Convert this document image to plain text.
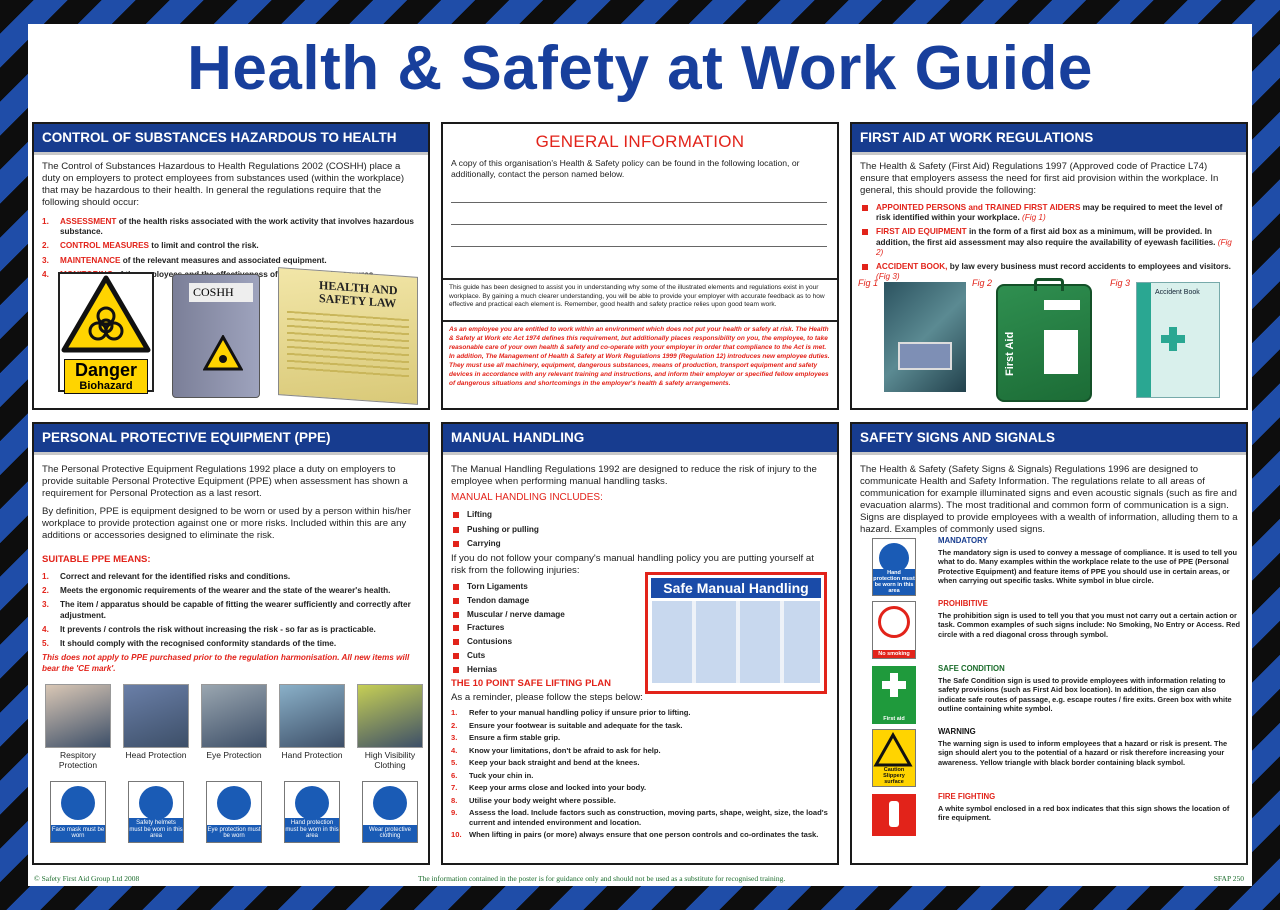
Health & Safety at Work Guide
CONTROL OF SUBSTANCES HAZARDOUS TO HEALTH
The Control of Substances Hazardous to Health Regulations 2002 (COSHH) place a duty on employers to protect employees from substances used (within the workplace) that may be hazardous to their health. In general the regulations require that the following should occur:
ASSESSMENT of the health risks associated with the work activity that involves hazardous substance.
CONTROL MEASURES to limit and control the risk.
MAINTENANCE of the relevant measures and associated equipment.
employees of
Danger
Biohazard
COSHH	HEALTH AND SAFETY LAW
GENERAL INFORMATION
A copy of this organisation's Health & Safety policy can be found in the following location, or additionally, contact the person named below.
This guide has been designed to assist you in understanding why some of the illustrated elements and regulations exist in your workplace. By gaining a much clearer understanding, you will be able to provide your employer with accurate feedback as to how effective and practical each element is. Remember, good health and safety practice relies upon good team work.
As an employee you are entitled to work within an environment which does not put your health or safety at risk. The Health & Safety at Work etc Act 1974 defines this requirement, but additionally places responsibility on you, the employee, to take reasonable care of your own health & safety and co-operate with your employer in order that compliance to the Act is met. In addition, The Management of Health & Safety at Work Regulations 1999 (Regulation 12) introduces new employee duties. They must use all machinery, equipment, dangerous substances, means of production, transport equipment and safety devices in accordance with any relevant training and instructions, and inform their employer or specified fellow employees of dangerous situations and shortcomings in the employer's health & safety arrangements.
FIRST AID AT WORK REGULATIONS
The Health & Safety (First Aid) Regulations 1997 (Approved code of Practice L74) ensure that employers assess the need for first aid provision within the workplace. In general, this should provide the following:
APPOINTED PERSONS and TRAINED FIRST AIDERS may be required to meet the level of risk identified within your workplace. (Fig 1)
FIRST AID EQUIPMENT in the form of a first aid box as a minimum, will be provided. In addition, the first aid assessment may also require the availability of eyewash facilities. (Fig 2)
ACCIDENT BOOK, by law every business must record accidents to employees and visitors. (Fig 3)
Fig 1	Fig 2	Fig 3
First Aid
Accident Book
PERSONAL PROTECTIVE EQUIPMENT (PPE)
The Personal Protective Equipment Regulations 1992 place a duty on employers to provide suitable Personal Protective Equipment (PPE) when assessment has shown a requirement for Personal Protection as a last resort.
By definition, PPE is equipment designed to be worn or used by a person within his/her workplace to provide protection against one or more risks. Included within this are any additions or accessories designed to eliminate the risk.
SUITABLE PPE MEANS:
Correct and relevant for the identified risks and conditions.
Meets the ergonomic requirements of the wearer and the state of the wearer's health.
The item / apparatus should be capable of fitting the wearer sufficiently and correctly after adjustment.
It prevents / controls the risk without increasing the risk - so far as is practicable.
It should comply with the recognised conformity standards of the time.
This does not apply to PPE purchased prior to the regulation harmonisation. All new items will bear the 'CE mark'.
Respitory Protection
Face mask must be worn
Head Protection
Safety helmets must be worn in this area
Eye Protection
Eye protection must be worn
Hand Protection
Hand protection must be worn in this area
High Visibility Clothing
Wear protective clothing
MANUAL HANDLING
The Manual Handling Regulations 1992 are designed to reduce the risk of injury to the employee when performing manual handling tasks.
MANUAL HANDLING INCLUDES:
Lifting
Pushing or pulling
Carrying
If you do not follow your company's manual handling policy you are putting yourself at risk from the following injuries:
Torn Ligaments
Tendon damage
Muscular / nerve damage
Fractures
Contusions
Cuts
Hernias
THE 10 POINT SAFE LIFTING PLAN
As a reminder, please follow the steps below:
Refer to your manual handling policy if unsure prior to lifting.
Ensure your footwear is suitable and adequate for the task.
Ensure a firm stable grip.
Know your limitations, don't be afraid to ask for help.
Keep your back straight and bend at the knees.
Tuck your chin in.
Keep your arms close and locked into your body.
Utilise your body weight where possible.
Assess the load. Include factors such as construction, moving parts, shape, weight, size, the load's current and intended environment and location.
When lifting in pairs (or more) always ensure that one person controls and co-ordinates the task.
Safe Manual Handling
SAFETY SIGNS AND SIGNALS
The Health & Safety (Safety Signs & Signals) Regulations 1996 are designed to communicate Health and Safety Information. The regulations relate to all areas of communication for example illuminated signs and even acoustic signals (such as fire and evacuation alarms). The most traditional and common form of communication is a sign. Signs are displayed to provide employees with a wealth of information, alluding them to a hazard. Examples of commonly used signs.
Hand protection must be worn in this area
MANDATORY
The mandatory sign is used to convey a message of compliance. It is used to tell you what to do. Many examples within the workplace relate to the use of PPE (Personal Protective Equipment) and feature items of PPE you should use in certain areas, or when carrying out specific tasks. White symbol in blue circle.
No smoking
PROHIBITIVE
The prohibition sign is used to tell you that you must not carry out a certain action or task. Common examples of such signs include: No Smoking, No Entry or Access. Red circle with a red diagonal cross through symbol.
First aid
SAFE CONDITION
The Safe Condition sign is used to provide employees with information relating to safety provisions (such as First Aid box location). In addition, the sign can also indicate safe routes of passage, e.g. escape routes / fire exits. Green box with white outline containing white symbol.
Caution Slippery surface
WARNING
The warning sign is used to inform employees that a hazard or risk is present. The sign should alert you to the potential of a hazard or risk therefore increasing your awareness. Yellow triangle with black border containing black symbol.
FIRE FIGHTING
A white symbol enclosed in a red box indicates that this sign shows the location of fire equipment.
© Safety First Aid Group Ltd 2008	The information contained in the poster is for guidance only and should not be used as a substitute for recognised training.	SFAP 250
